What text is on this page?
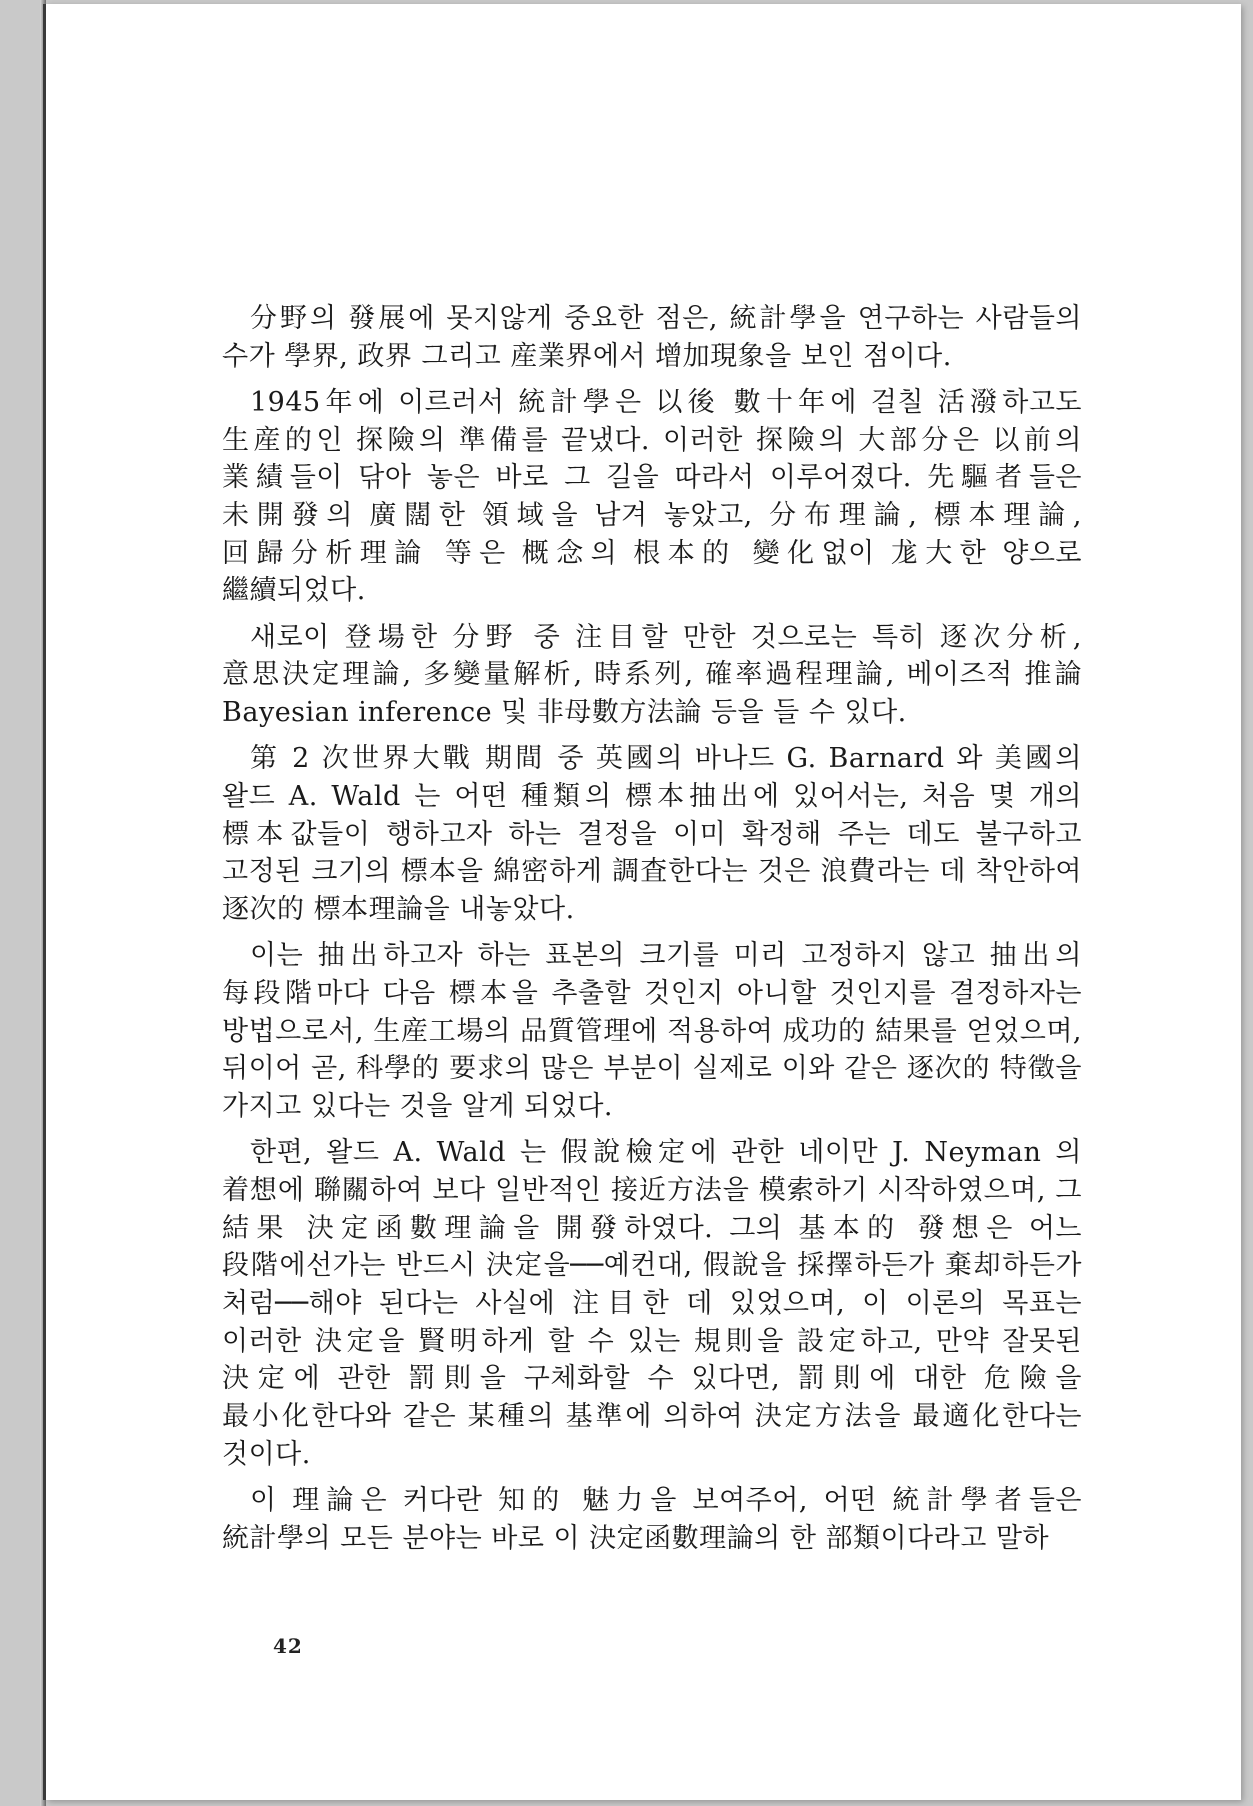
分野의 發展에 못지않게 중요한 점은, 統計學을 연구하는 사람들의 수가 學界, 政界 그리고 産業界에서 增加現象을 보인 점이다.

1945年에 이르러서 統計學은 以後 數十年에 걸칠 活潑하고도 生産的인 探險의 準備를 끝냈다. 이러한 探險의 大部分은 以前의 業績들이 닦아 놓은 바로 그 길을 따라서 이루어졌다. 先驅者들은 未開發의 廣闊한 領域을 남겨 놓았고, 分布理論, 標本理論, 回歸分析理論 等은 概念의 根本的 變化없이 尨大한 양으로 繼續되었다.

새로이 登場한 分野 중 注目할 만한 것으로는 특히 逐次分析, 意思決定理論, 多變量解析, 時系列, 確率過程理論, 베이즈적 推論 Bayesian inference 및 非母數方法論 등을 들 수 있다.

第 2 次世界大戰 期間 중 英國의 바나드 G. Barnard 와 美國의 왈드 A. Wald 는 어떤 種類의 標本抽出에 있어서는, 처음 몇 개의 標本값들이 행하고자 하는 결정을 이미 확정해 주는 데도 불구하고 고정된 크기의 標本을 綿密하게 調査한다는 것은 浪費라는 데 착안하여 逐次的 標本理論을 내놓았다.

이는 抽出하고자 하는 표본의 크기를 미리 고정하지 않고 抽出의 每段階마다 다음 標本을 추출할 것인지 아니할 것인지를 결정하자는 방법으로서, 生産工場의 品質管理에 적용하여 成功的 結果를 얻었으며, 뒤이어 곧, 科學的 要求의 많은 부분이 실제로 이와 같은 逐次的 特徵을 가지고 있다는 것을 알게 되었다.

한편, 왈드 A. Wald 는 假說檢定에 관한 네이만 J. Neyman 의 着想에 聯關하여 보다 일반적인 接近方法을 模索하기 시작하였으며, 그 結果 決定函數理論을 開發하였다. 그의 基本的 發想은 어느 段階에선가는 반드시 決定을──예컨대, 假說을 採擇하든가 棄却하든가 처럼──해야 된다는 사실에 注目한 데 있었으며, 이 이론의 목표는 이러한 決定을 賢明하게 할 수 있는 規則을 設定하고, 만약 잘못된 決定에 관한 罰則을 구체화할 수 있다면, 罰則에 대한 危險을 最小化한다와 같은 某種의 基準에 의하여 決定方法을 最適化한다는 것이다.

이 理論은 커다란 知的 魅力을 보여주어, 어떤 統計學者들은 統計學의 모든 분야는 바로 이 決定函數理論의 한 部類이다라고 말하

42
